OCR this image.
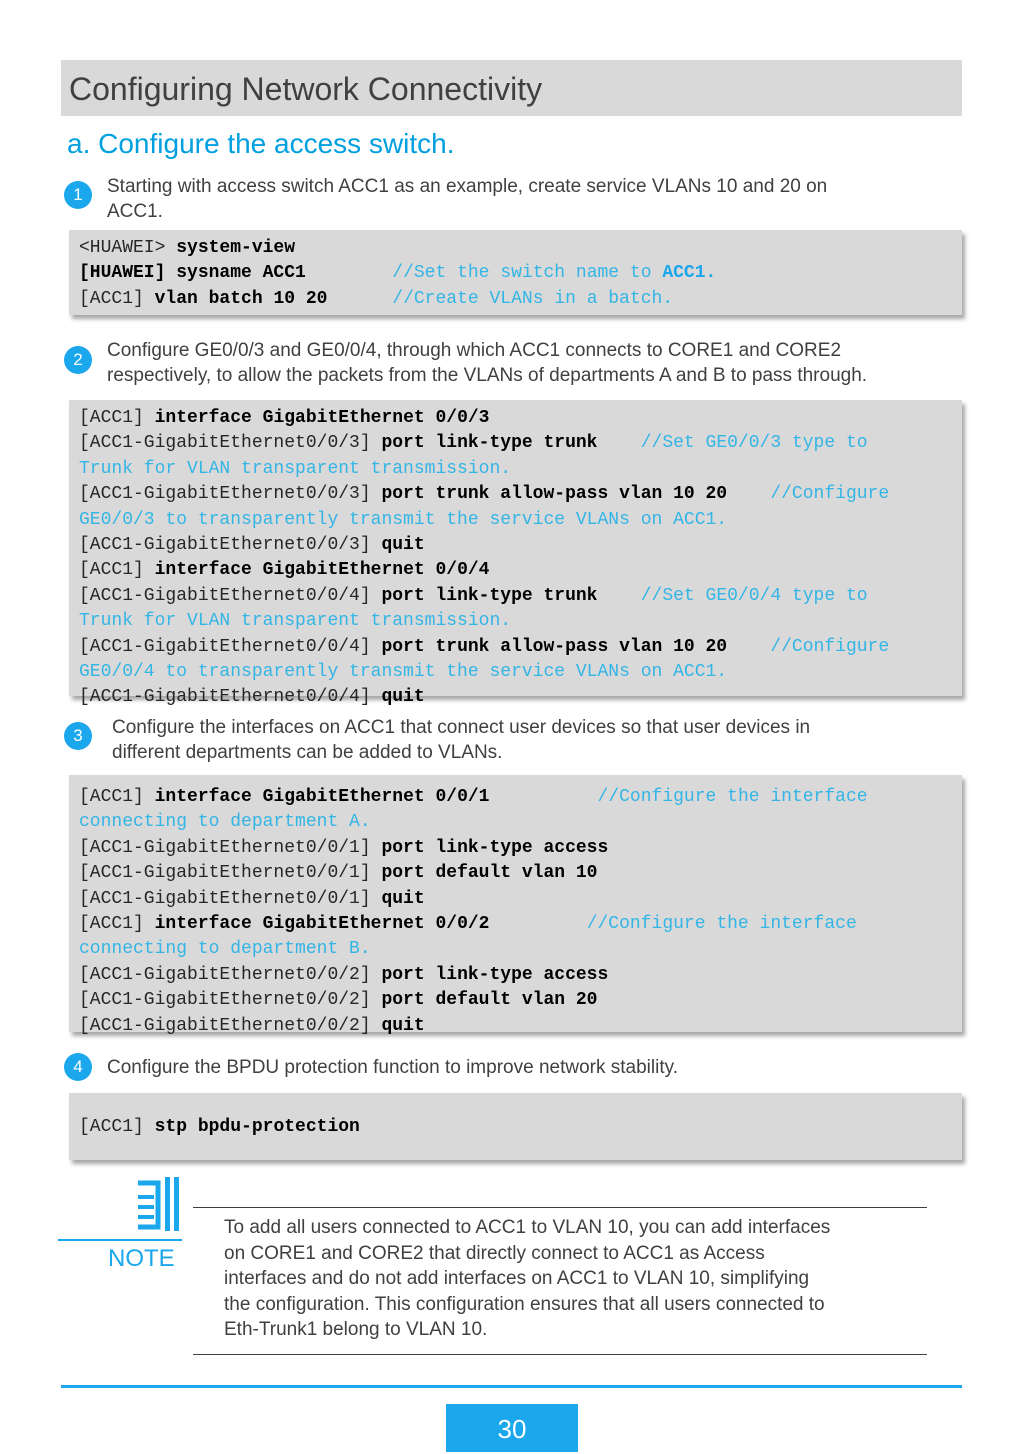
Configuring Network Connectivity
a. Configure the access switch.
1	Starting with access switch ACC1 as an example, create service VLANs 10 and 20 on
ACC1.
<HUAWEI> system-view
[HUAWEI] sysname ACC1	//Set the switch name to ACC1.
[ACC1] vlan batch 10 20	//Create VLANs in a batch.
2	Configure GE0/0/3 and GE0/0/4, through which ACC1 connects to CORE1 and CORE2
respectively, to allow the packets from the VLANs of departments A and B to pass through.
[ACC1] interface GigabitEthernet 0/0/3
[ACC1-GigabitEthernet0/0/3] port link-type trunk //Set GE0/0/3 type to
Trunk for VLAN transparent transmission.
[ACC1-GigabitEthernet0/0/3] port trunk allow-pass vlan 10 20 //Configure
GE0/0/3 to transparently transmit the service VLANs on ACC1.
[ACC1-GigabitEthernet0/0/3] quit
[ACC1] interface GigabitEthernet 0/0/4
[ACC1-GigabitEthernet0/0/4] port link-type trunk //Set GE0/0/4 type to
Trunk for VLAN transparent transmission.
[ACC1-GigabitEthernet0/0/4] port trunk allow-pass vlan 10 20 //Configure
GE0/0/4 to transparently transmit the service VLANs on ACC1.
[ACC1-GigabitEthernet0/0/4] quit
3	Configure the interfaces on ACC1 that connect user devices so that user devices in
different departments can be added to VLANs.
[ACC1] interface GigabitEthernet 0/0/1	//Configure the interface
connecting to department A.
[ACC1-GigabitEthernet0/0/1] port link-type access
[ACC1-GigabitEthernet0/0/1] port default vlan 10
[ACC1-GigabitEthernet0/0/1] quit
[ACC1] interface GigabitEthernet 0/0/2	//Configure the interface
connecting to department B.
[ACC1-GigabitEthernet0/0/2] port link-type access
[ACC1-GigabitEthernet0/0/2] port default vlan 20
[ACC1-GigabitEthernet0/0/2] quit
4	Configure the BPDU protection function to improve network stability.
[ACC1] stp bpdu-protection
NOTE
To add all users connected to ACC1 to VLAN 10, you can add interfaces
on CORE1 and CORE2 that directly connect to ACC1 as Access
interfaces and do not add interfaces on ACC1 to VLAN 10, simplifying
the configuration. This configuration ensures that all users connected to
Eth-Trunk1 belong to VLAN 10.
30
